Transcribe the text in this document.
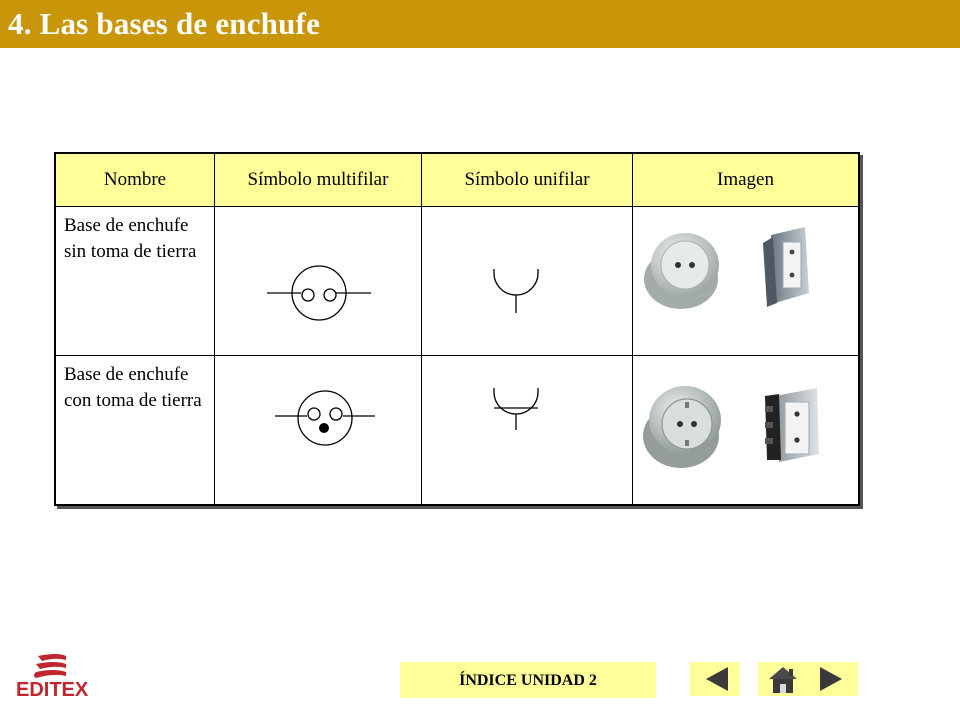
4. Las bases de enchufe
Nombre	Símbolo multifilar	Símbolo unifilar	Imagen
Base de enchufe sin toma de tierra	

Base de enchufe con toma de tierra	

EDITEX	ÍNDICE UNIDAD 2
